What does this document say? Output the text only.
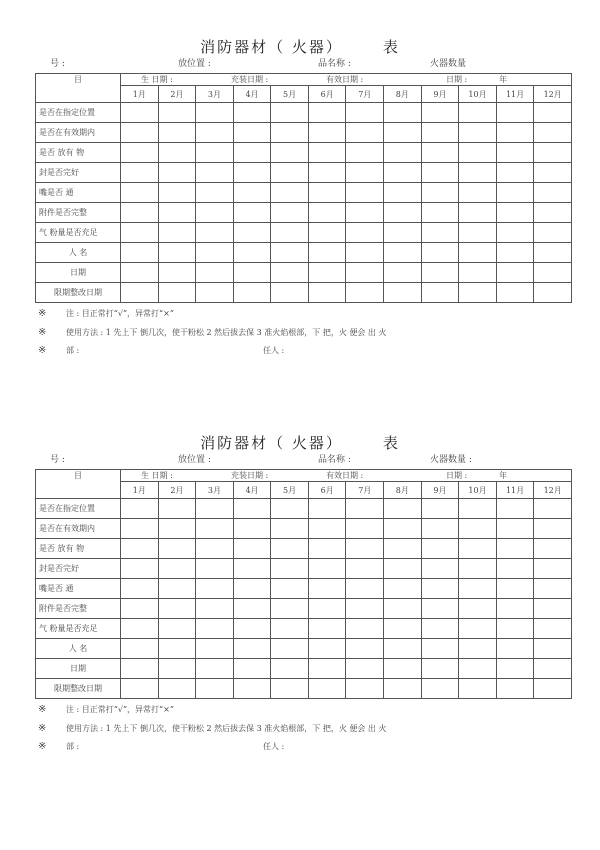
消防器材（ 火器）	表
号 :	放位置 :	品名称 :	火器数量
目	生 日期 : 充装日期 : 有效日期 : 日期 : 年											

	1月	2月	3月	4月	5月	6月	7月	8月	9月	10月	11月	12月
是否在指定位置												
是否在有效期内												
是否 放有 物												
封是否完好												
嘴是否 通												
附件是否完整												
气 粉量是否充足												
人 名												
日期												
限期整改日期												
※ 注 : 目正常打“√”，异常打“×”
※ 使用方法 : 1 先上下 倒几次，使干粉松 2 然后拔去保 3 准火焰根部，下 把，火 便会 出 火
※ 部 :	任人 :
消防器材（ 火器）	表
号 :	放位置 :	品名称 :	火器数量 :
目	生 日期 : 充装日期 : 有效日期 : 日期 : 年											

	1月	2月	3月	4月	5月	6月	7月	8月	9月	10月	11月	12月
是否在指定位置												
是否在有效期内												
是否 放有 物												
封是否完好												
嘴是否 通												
附件是否完整												
气 粉量是否充足												
人 名												
日期												
限期整改日期												
※ 注 : 目正常打“√”，异常打“×”
※ 使用方法 : 1 先上下 倒几次，使干粉松 2 然后拔去保 3 准火焰根部，下 把，火 便会 出 火
※ 部 :	任人 :
